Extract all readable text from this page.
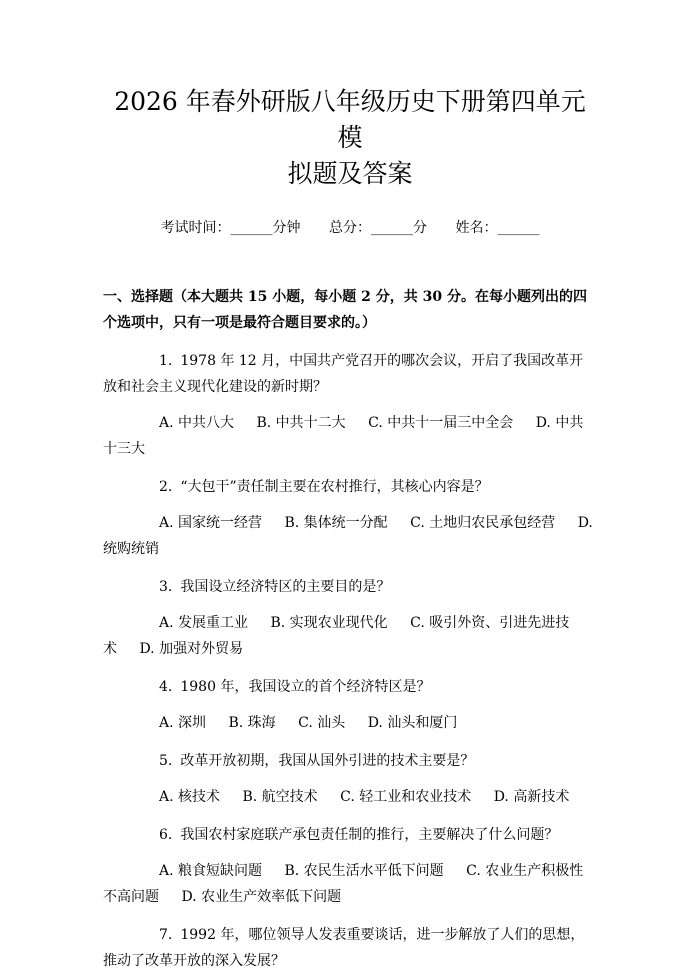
2026 年春外研版八年级历史下册第四单元模
拟题及答案
考试时间：______分钟 总分：______分 姓名：______
一、选择题（本大题共 15 小题，每小题 2 分，共 30 分。在每小题列出的四个选项中，只有一项是最符合题目要求的。）
1. 1978 年 12 月，中国共产党召开的哪次会议，开启了我国改革开放和社会主义现代化建设的新时期？
A. 中共八大 B. 中共十二大 C. 中共十一届三中全会 D. 中共十三大
2. “大包干”责任制主要在农村推行，其核心内容是？
A. 国家统一经营 B. 集体统一分配 C. 土地归农民承包经营 D. 统购统销
3. 我国设立经济特区的主要目的是？
A. 发展重工业 B. 实现农业现代化 C. 吸引外资、引进先进技术 D. 加强对外贸易
4. 1980 年，我国设立的首个经济特区是？
A. 深圳 B. 珠海 C. 汕头 D. 汕头和厦门
5. 改革开放初期，我国从国外引进的技术主要是？
A. 核技术 B. 航空技术 C. 轻工业和农业技术 D. 高新技术
6. 我国农村家庭联产承包责任制的推行，主要解决了什么问题？
A. 粮食短缺问题 B. 农民生活水平低下问题 C. 农业生产积极性不高问题 D. 农业生产效率低下问题
7. 1992 年，哪位领导人发表重要谈话，进一步解放了人们的思想，推动了改革开放的深入发展？
